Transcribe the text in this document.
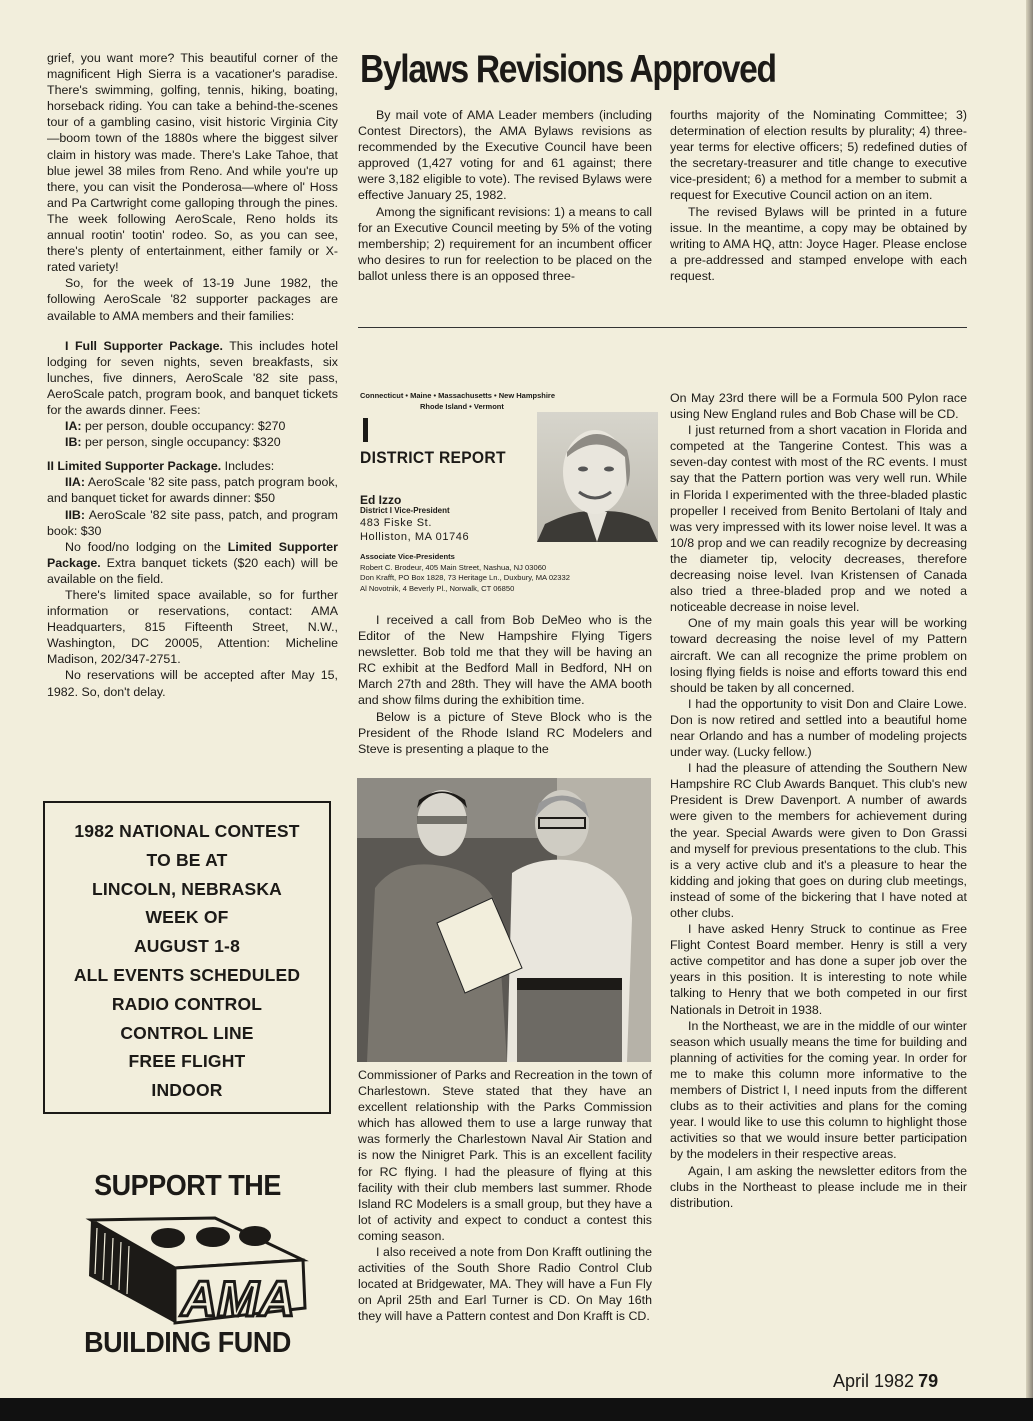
grief, you want more? This beautiful corner of the magnificent High Sierra is a vacationer's paradise. There's swimming, golfing, tennis, hiking, boating, horseback riding. You can take a behind-the-scenes tour of a gambling casino, visit historic Virginia City—boom town of the 1880s where the biggest silver claim in history was made. There's Lake Tahoe, that blue jewel 38 miles from Reno. And while you're up there, you can visit the Ponderosa—where ol' Hoss and Pa Cartwright come galloping through the pines. The week following AeroScale, Reno holds its annual rootin' tootin' rodeo. So, as you can see, there's plenty of entertainment, either family or X-rated variety!

So, for the week of 13-19 June 1982, the following AeroScale '82 supporter packages are available to AMA members and their families:

I Full Supporter Package. This includes hotel lodging for seven nights, seven breakfasts, six lunches, five dinners, AeroScale '82 site pass, AeroScale patch, program book, and banquet tickets for the awards dinner. Fees:

IA: per person, double occupancy: $270

IB: per person, single occupancy: $320

II Limited Supporter Package. Includes:

IIA: AeroScale '82 site pass, patch program book, and banquet ticket for awards dinner: $50

IIB: AeroScale '82 site pass, patch, and program book: $30

No food/no lodging on the Limited Supporter Package. Extra banquet tickets ($20 each) will be available on the field.

There's limited space available, so for further information or reservations, contact: AMA Headquarters, 815 Fifteenth Street, N.W., Washington, DC 20005, Attention: Micheline Madison, 202/347-2751.

No reservations will be accepted after May 15, 1982. So, don't delay.

1982 NATIONAL CONTEST
TO BE AT
LINCOLN, NEBRASKA
WEEK OF
AUGUST 1-8
ALL EVENTS SCHEDULED
RADIO CONTROL
CONTROL LINE
FREE FLIGHT
INDOOR
SUPPORT THE
AMA
BUILDING FUND
Bylaws Revisions Approved

By mail vote of AMA Leader members (including Contest Directors), the AMA Bylaws revisions as recommended by the Executive Council have been approved (1,427 voting for and 61 against; there were 3,182 eligible to vote). The revised Bylaws were effective January 25, 1982.

Among the significant revisions: 1) a means to call for an Executive Council meeting by 5% of the voting membership; 2) requirement for an incumbent officer who desires to run for reelection to be placed on the ballot unless there is an opposed three-

fourths majority of the Nominating Committee; 3) determination of election results by plurality; 4) three-year terms for elective officers; 5) redefined duties of the secretary-treasurer and title change to executive vice-president; 6) a method for a member to submit a request for Executive Council action on an item.

The revised Bylaws will be printed in a future issue. In the meantime, a copy may be obtained by writing to AMA HQ, attn: Joyce Hager. Please enclose a pre-addressed and stamped envelope with each request.

Connecticut • Maine • Massachusetts • New Hampshire
Rhode Island • Vermont
DISTRICT REPORT
Ed Izzo
District I Vice-President
483 Fiske St.
Holliston, MA 01746
Associate Vice-Presidents
Robert C. Brodeur, 405 Main Street, Nashua, NJ 03060
Don Krafft, PO Box 1828, 73 Heritage Ln., Duxbury, MA 02332
Al Novotnik, 4 Beverly Pl., Norwalk, CT 06850

I received a call from Bob DeMeo who is the Editor of the New Hampshire Flying Tigers newsletter. Bob told me that they will be having an RC exhibit at the Bedford Mall in Bedford, NH on March 27th and 28th. They will have the AMA booth and show films during the exhibition time.

Below is a picture of Steve Block who is the President of the Rhode Island RC Modelers and Steve is presenting a plaque to the

Commissioner of Parks and Recreation in the town of Charlestown. Steve stated that they have an excellent relationship with the Parks Commission which has allowed them to use a large runway that was formerly the Charlestown Naval Air Station and is now the Ninigret Park. This is an excellent facility for RC flying. I had the pleasure of flying at this facility with their club members last summer. Rhode Island RC Modelers is a small group, but they have a lot of activity and expect to conduct a contest this coming season.

I also received a note from Don Krafft outlining the activities of the South Shore Radio Control Club located at Bridgewater, MA. They will have a Fun Fly on April 25th and Earl Turner is CD. On May 16th they will have a Pattern contest and Don Krafft is CD.

On May 23rd there will be a Formula 500 Pylon race using New England rules and Bob Chase will be CD.

I just returned from a short vacation in Florida and competed at the Tangerine Contest. This was a seven-day contest with most of the RC events. I must say that the Pattern portion was very well run. While in Florida I experimented with the three-bladed plastic propeller I received from Benito Bertolani of Italy and was very impressed with its lower noise level. It was a 10/8 prop and we can readily recognize by decreasing the diameter tip, velocity decreases, therefore decreasing noise level. Ivan Kristensen of Canada also tried a three-bladed prop and we noted a noticeable decrease in noise level.

One of my main goals this year will be working toward decreasing the noise level of my Pattern aircraft. We can all recognize the prime problem on losing flying fields is noise and efforts toward this end should be taken by all concerned.

I had the opportunity to visit Don and Claire Lowe. Don is now retired and settled into a beautiful home near Orlando and has a number of modeling projects under way. (Lucky fellow.)

I had the pleasure of attending the Southern New Hampshire RC Club Awards Banquet. This club's new President is Drew Davenport. A number of awards were given to the members for achievement during the year. Special Awards were given to Don Grassi and myself for previous presentations to the club. This is a very active club and it's a pleasure to hear the kidding and joking that goes on during club meetings, instead of some of the bickering that I have noted at other clubs.

I have asked Henry Struck to continue as Free Flight Contest Board member. Henry is still a very active competitor and has done a super job over the years in this position. It is interesting to note while talking to Henry that we both competed in our first Nationals in Detroit in 1938.

In the Northeast, we are in the middle of our winter season which usually means the time for building and planning of activities for the coming year. In order for me to make this column more informative to the members of District I, I need inputs from the different clubs as to their activities and plans for the coming year. I would like to use this column to highlight those activities so that we would insure better participation by the modelers in their respective areas.

Again, I am asking the newsletter editors from the clubs in the Northeast to please include me in their distribution.

April 1982 79
